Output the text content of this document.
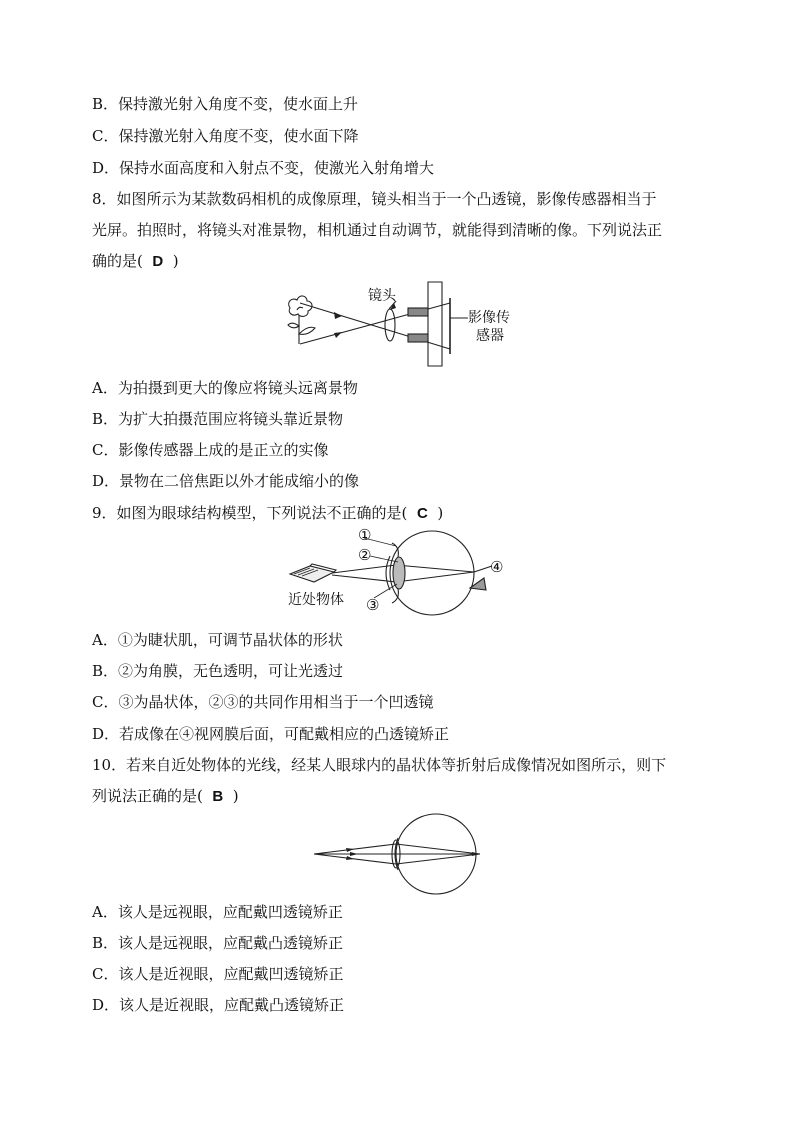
B．保持激光射入角度不变，使水面上升
C．保持激光射入角度不变，使水面下降
D．保持水面高度和入射点不变，使激光入射角增大
8．如图所示为某款数码相机的成像原理，镜头相当于一个凸透镜，影像传感器相当于
光屏。拍照时，将镜头对准景物，相机通过自动调节，就能得到清晰的像。下列说法正
确的是( D )
镜头
影像传
感器
A．为拍摄到更大的像应将镜头远离景物
B．为扩大拍摄范围应将镜头靠近景物
C．影像传感器上成的是正立的实像
D．景物在二倍焦距以外才能成缩小的像
9．如图为眼球结构模型，下列说法不正确的是( C )
①
②
③
④
近处物体
A．①为睫状肌，可调节晶状体的形状
B．②为角膜，无色透明，可让光透过
C．③为晶状体，②③的共同作用相当于一个凹透镜
D．若成像在④视网膜后面，可配戴相应的凸透镜矫正
10．若来自近处物体的光线，经某人眼球内的晶状体等折射后成像情况如图所示，则下
列说法正确的是( B )
A．该人是远视眼，应配戴凹透镜矫正
B．该人是远视眼，应配戴凸透镜矫正
C．该人是近视眼，应配戴凹透镜矫正
D．该人是近视眼，应配戴凸透镜矫正
